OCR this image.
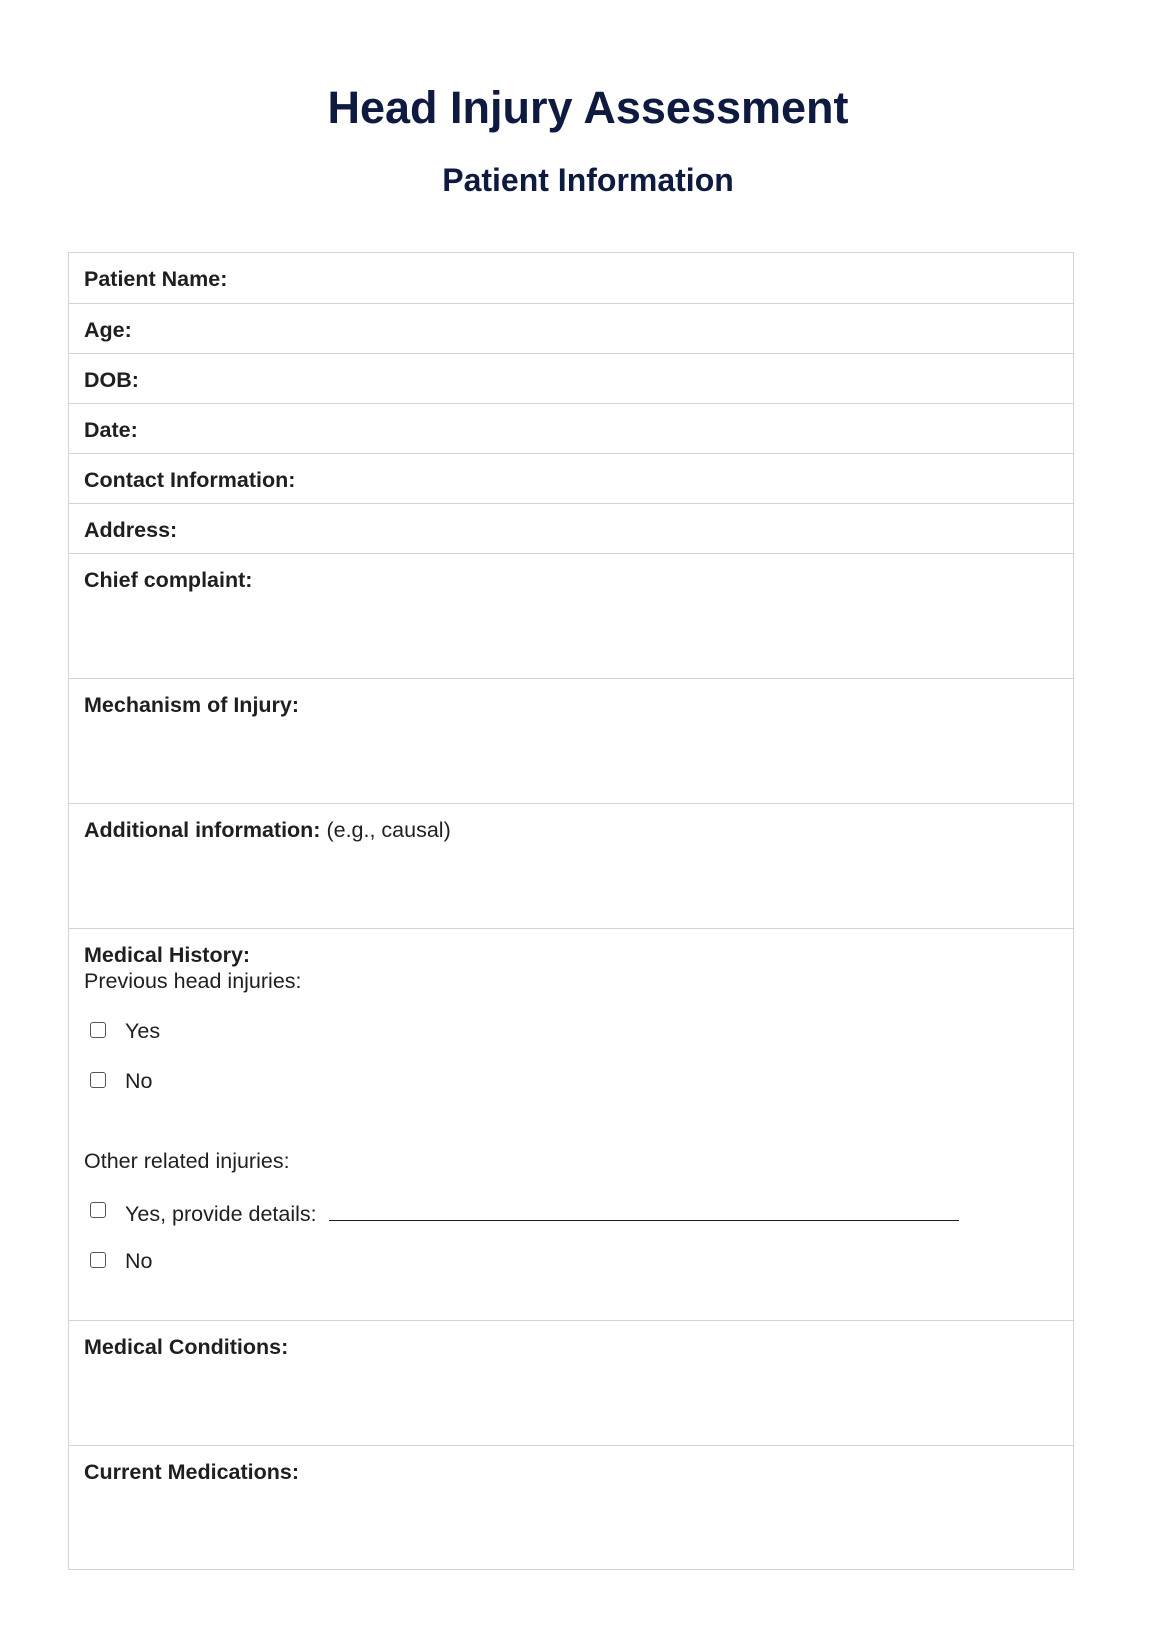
Head Injury Assessment
Patient Information
Patient Name:
Age:
DOB:
Date:
Contact Information:
Address:
Chief complaint:
Mechanism of Injury:
Additional information: (e.g., causal)
Medical History:
Previous head injuries:
Yes
No
Other related injuries:
Yes, provide details:
No
Medical Conditions:
Current Medications:
